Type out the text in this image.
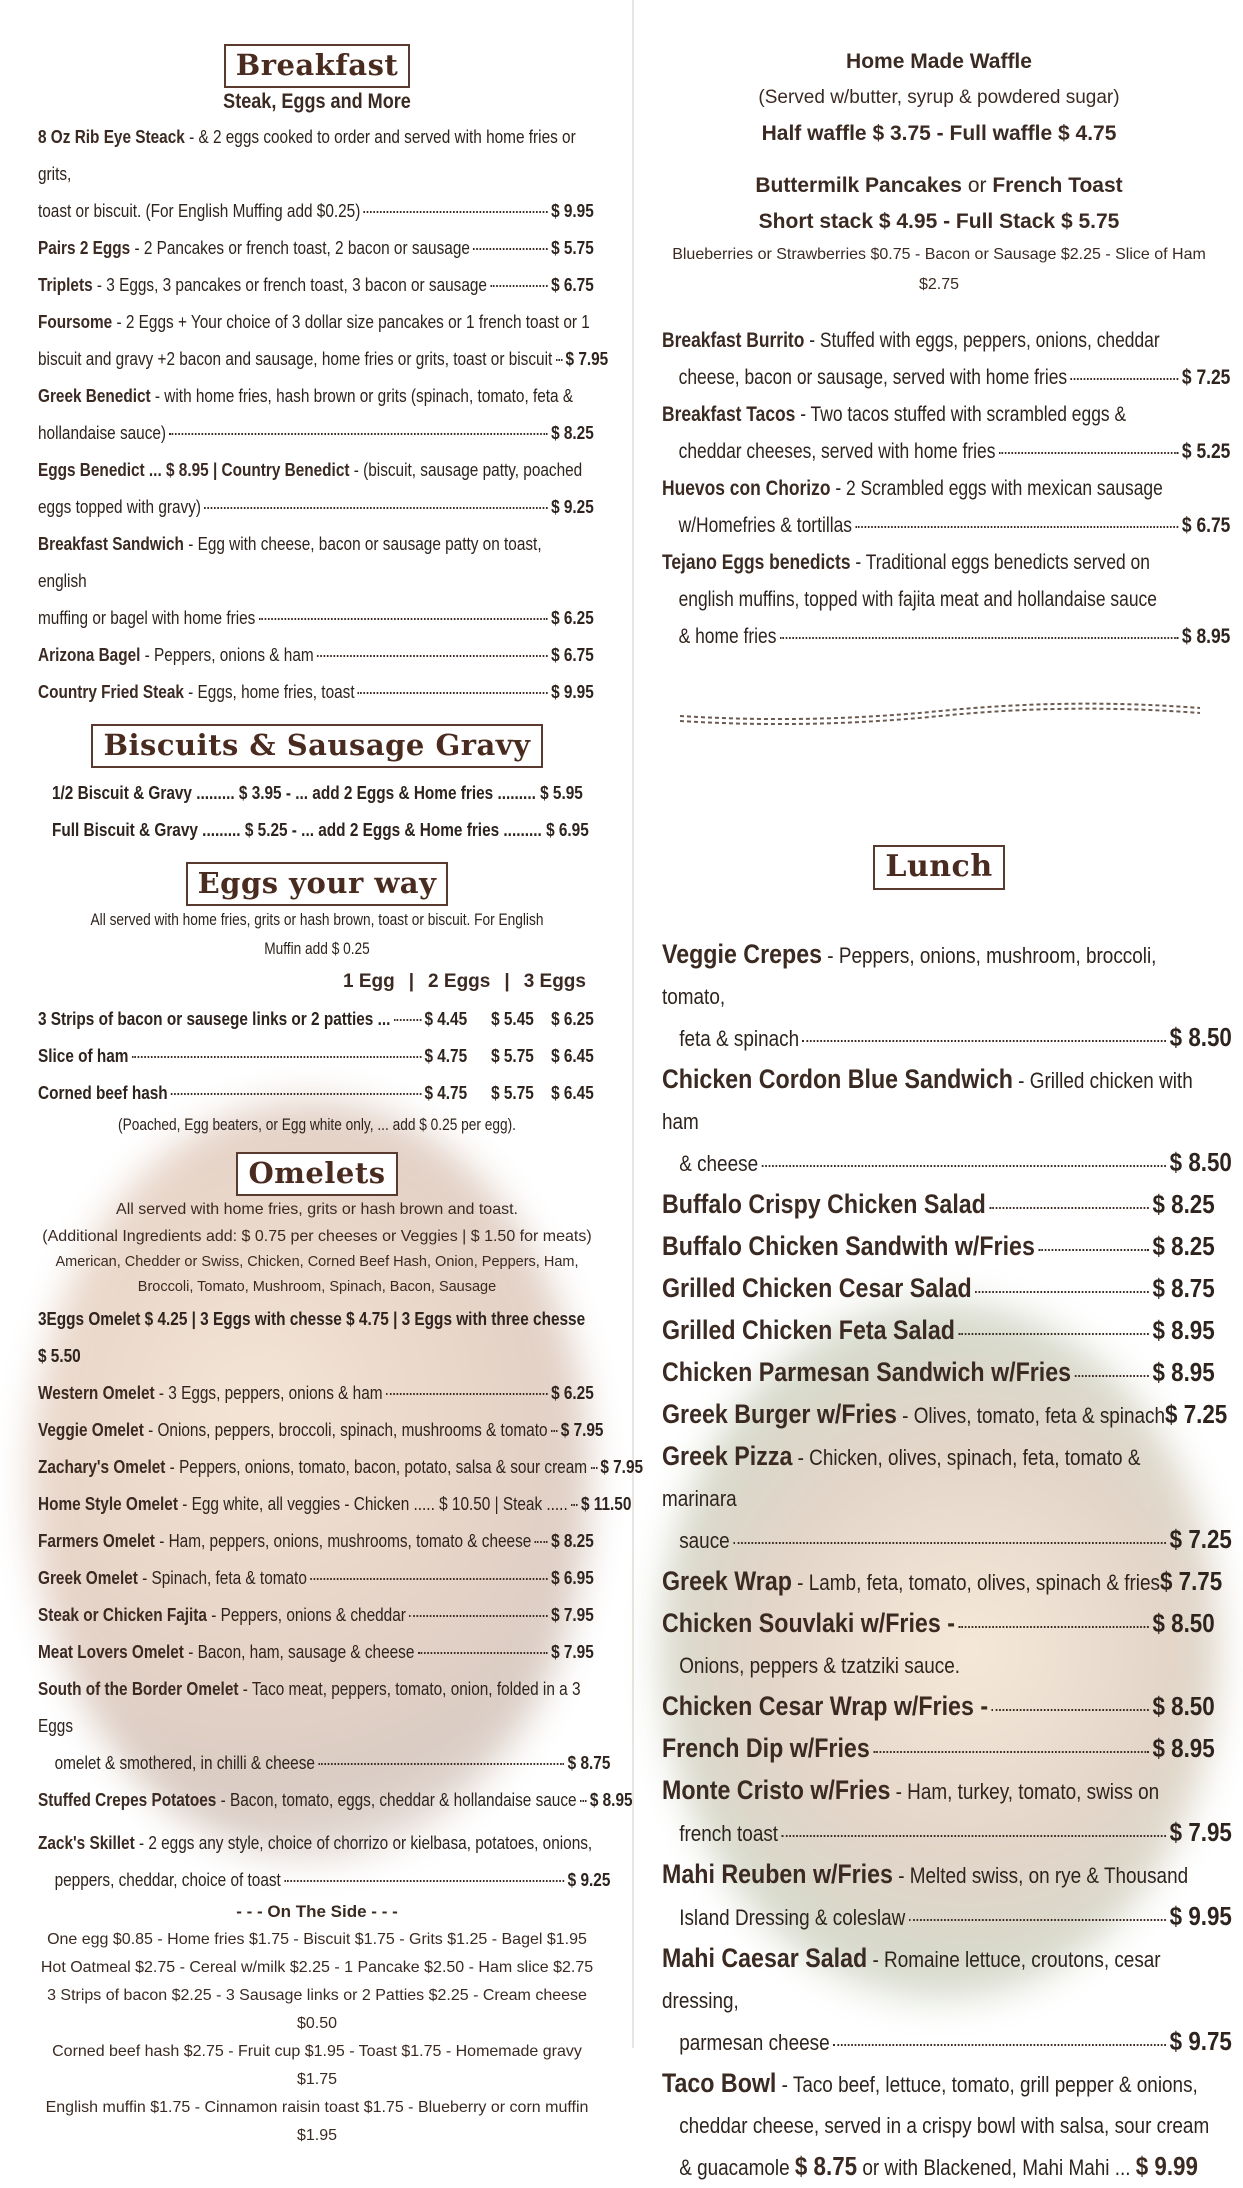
Breakfast
Steak, Eggs and More
8 Oz Rib Eye Steack - & 2 eggs cooked to order and served with home fries or grits,
toast or biscuit. (For English Muffing add $0.25)	$ 9.95
Pairs 2 Eggs - 2 Pancakes or french toast, 2 bacon or sausage	$ 5.75
Triplets - 3 Eggs, 3 pancakes or french toast, 3 bacon or sausage	$ 6.75
Foursome - 2 Eggs + Your choice of 3 dollar size pancakes or 1 french toast or 1
biscuit and gravy +2 bacon and sausage, home fries or grits, toast or biscuit $ 7.95
Greek Benedict - with home fries, hash brown or grits (spinach, tomato, feta &
hollandaise sauce)	$ 8.25
Eggs Benedict ... $ 8.95 | Country Benedict - (biscuit, sausage patty, poached
eggs topped with gravy)	$ 9.25
Breakfast Sandwich - Egg with cheese, bacon or sausage patty on toast, english
muffing or bagel with home fries	$ 6.25
Arizona Bagel - Peppers, onions & ham	$ 6.75
Country Fried Steak - Eggs, home fries, toast	$ 9.95
Biscuits & Sausage Gravy
1/2 Biscuit & Gravy ......... $ 3.95 - ... add 2 Eggs & Home fries ......... $ 5.95
Full Biscuit & Gravy ......... $ 5.25 - ... add 2 Eggs & Home fries ......... $ 6.95
Eggs your way
All served with home fries, grits or hash brown, toast or biscuit. For English Muffin add $ 0.25
1 Egg | 2 Eggs | 3 Eggs
3 Strips of bacon or sausege links or 2 patties ... $ 4.45	$ 5.45 $ 6.25
Slice of ham	$ 4.75	$ 5.75 $ 6.45
Corned beef hash	$ 4.75	$ 5.75 $ 6.45
(Poached, Egg beaters, or Egg white only, ... add $ 0.25 per egg).
Omelets
All served with home fries, grits or hash brown and toast.
(Additional Ingredients add: $ 0.75 per cheeses or Veggies | $ 1.50 for meats)
American, Chedder or Swiss, Chicken, Corned Beef Hash, Onion, Peppers, Ham,
Broccoli, Tomato, Mushroom, Spinach, Bacon, Sausage
3Eggs Omelet $ 4.25 | 3 Eggs with chesse $ 4.75 | 3 Eggs with three chesse $ 5.50
Western Omelet - 3 Eggs, peppers, onions & ham	$ 6.25
Veggie Omelet - Onions, peppers, broccoli, spinach, mushrooms & tomato $ 7.95
Zachary's Omelet - Peppers, onions, tomato, bacon, potato, salsa & sour cream $ 7.95
Home Style Omelet - Egg white, all veggies - Chicken ..... $ 10.50 | Steak ..... $ 11.50
Farmers Omelet - Ham, peppers, onions, mushrooms, tomato & cheese $ 8.25
Greek Omelet - Spinach, feta & tomato	$ 6.95
Steak or Chicken Fajita - Peppers, onions & cheddar	$ 7.95
Meat Lovers Omelet - Bacon, ham, sausage & cheese	$ 7.95
South of the Border Omelet - Taco meat, peppers, tomato, onion, folded in a 3 Eggs
omelet & smothered, in chilli & cheese	$ 8.75
Stuffed Crepes Potatoes - Bacon, tomato, eggs, cheddar & hollandaise sauce $ 8.95
Zack's Skillet - 2 eggs any style, choice of chorrizo or kielbasa, potatoes, onions,
peppers, cheddar, choice of toast	$ 9.25
- - - On The Side - - -
One egg $0.85 - Home fries $1.75 - Biscuit $1.75 - Grits $1.25 - Bagel $1.95
Hot Oatmeal $2.75 - Cereal w/milk $2.25 - 1 Pancake $2.50 - Ham slice $2.75
3 Strips of bacon $2.25 - 3 Sausage links or 2 Patties $2.25 - Cream cheese $0.50
Corned beef hash $2.75 - Fruit cup $1.95 - Toast $1.75 - Homemade gravy $1.75
English muffin $1.75 - Cinnamon raisin toast $1.75 - Blueberry or corn muffin $1.95
Home Made Waffle
(Served w/butter, syrup & powdered sugar)
Half waffle $ 3.75 - Full waffle $ 4.75
Buttermilk Pancakes or French Toast
Short stack $ 4.95 - Full Stack $ 5.75
Blueberries or Strawberries $0.75 - Bacon or Sausage $2.25 - Slice of Ham $2.75
Breakfast Burrito - Stuffed with eggs, peppers, onions, cheddar
cheese, bacon or sausage, served with home fries	$ 7.25
Breakfast Tacos - Two tacos stuffed with scrambled eggs &
cheddar cheeses, served with home fries	$ 5.25
Huevos con Chorizo - 2 Scrambled eggs with mexican sausage
w/Homefries & tortillas	$ 6.75
Tejano Eggs benedicts - Traditional eggs benedicts served on
english muffins, topped with fajita meat and hollandaise sauce
& home fries	$ 8.95
Lunch
Veggie Crepes - Peppers, onions, mushroom, broccoli, tomato,
feta & spinach	$ 8.50
Chicken Cordon Blue Sandwich - Grilled chicken with ham
& cheese	$ 8.50
Buffalo Crispy Chicken Salad	$ 8.25
Buffalo Chicken Sandwith w/Fries	$ 8.25
Grilled Chicken Cesar Salad	$ 8.75
Grilled Chicken Feta Salad	$ 8.95
Chicken Parmesan Sandwich w/Fries	$ 8.95
Greek Burger w/Fries - Olives, tomato, feta & spinach $ 7.25
Greek Pizza - Chicken, olives, spinach, feta, tomato & marinara
sauce	$ 7.25
Greek Wrap - Lamb, feta, tomato, olives, spinach & fries $ 7.75
Chicken Souvlaki w/Fries -	$ 8.50
Onions, peppers & tzatziki sauce.
Chicken Cesar Wrap w/Fries -	$ 8.50
French Dip w/Fries	$ 8.95
Monte Cristo w/Fries - Ham, turkey, tomato, swiss on
french toast	$ 7.95
Mahi Reuben w/Fries - Melted swiss, on rye & Thousand
Island Dressing & coleslaw	$ 9.95
Mahi Caesar Salad - Romaine lettuce, croutons, cesar dressing,
parmesan cheese	$ 9.75
Taco Bowl - Taco beef, lettuce, tomato, grill pepper & onions,
cheddar cheese, served in a crispy bowl with salsa, sour cream
& guacamole $ 8.75 or with Blackened, Mahi Mahi ... $ 9.99
